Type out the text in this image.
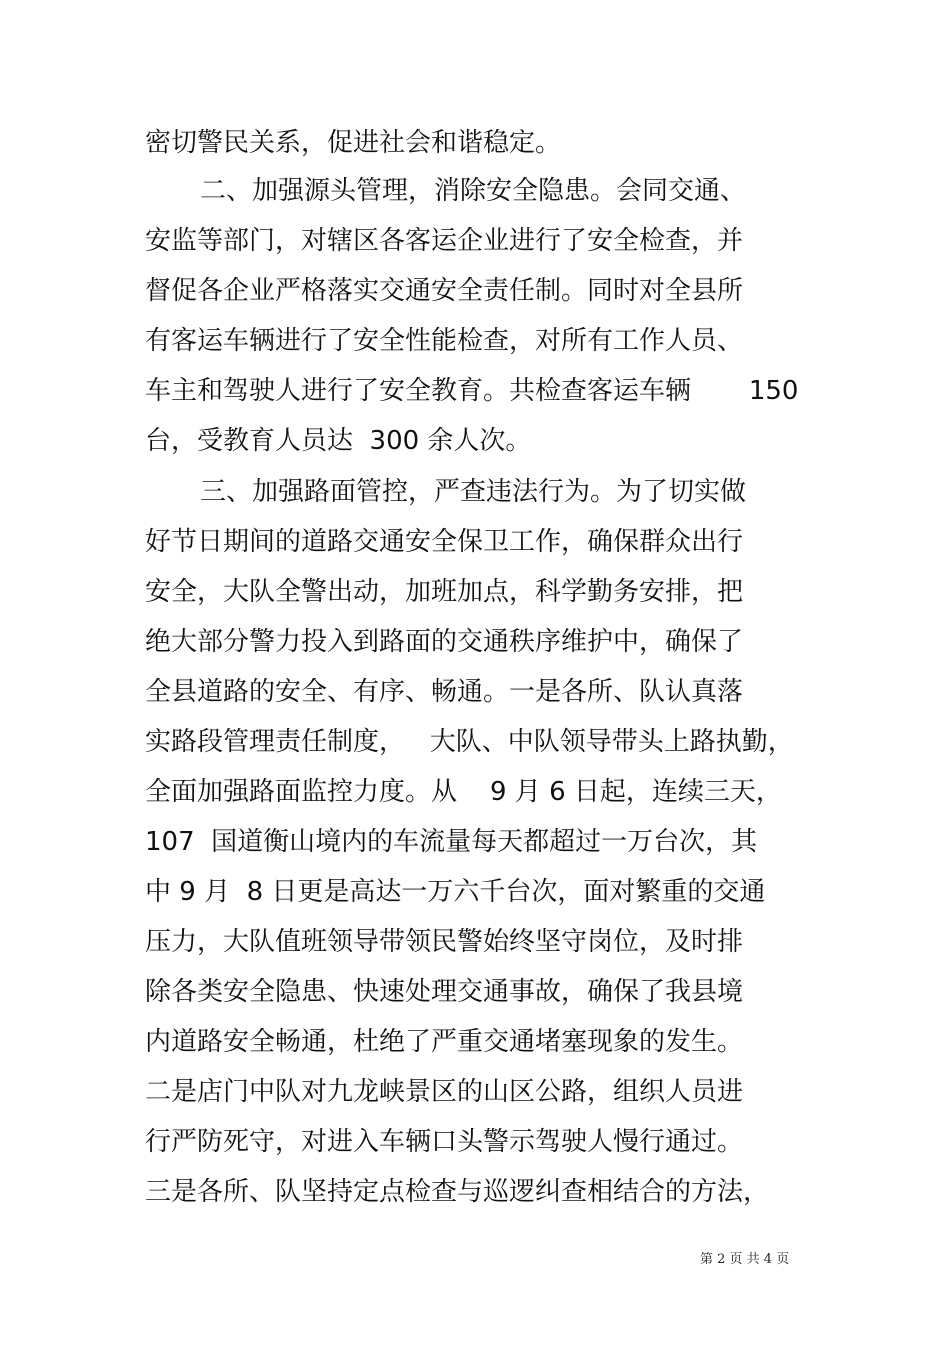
密切警民关系，促进社会和谐稳定。
二、加强源头管理，消除安全隐患。会同交通、
安监等部门，对辖区各客运企业进行了安全检查，并
督促各企业严格落实交通安全责任制。同时对全县所
有客运车辆进行了安全性能检查，对所有工作人员、
车主和驾驶人进行了安全教育。共检查客运车辆       150
台，受教育人员达  300 余人次。
三、加强路面管控，严查违法行为。为了切实做
好节日期间的道路交通安全保卫工作，确保群众出行
安全，大队全警出动，加班加点，科学勤务安排，把
绝大部分警力投入到路面的交通秩序维护中，确保了
全县道路的安全、有序、畅通。一是各所、队认真落
实路段管理责任制度，   大队、中队领导带头上路执勤，
全面加强路面监控力度。从    9 月 6 日起，连续三天，
107  国道衡山境内的车流量每天都超过一万台次，其
中 9 月  8 日更是高达一万六千台次，面对繁重的交通
压力，大队值班领导带领民警始终坚守岗位，及时排
除各类安全隐患、快速处理交通事故，确保了我县境
内道路安全畅通，杜绝了严重交通堵塞现象的发生。
二是店门中队对九龙峡景区的山区公路，组织人员进
行严防死守，对进入车辆口头警示驾驶人慢行通过。
三是各所、队坚持定点检查与巡逻纠查相结合的方法，
第 2 页 共 4 页
